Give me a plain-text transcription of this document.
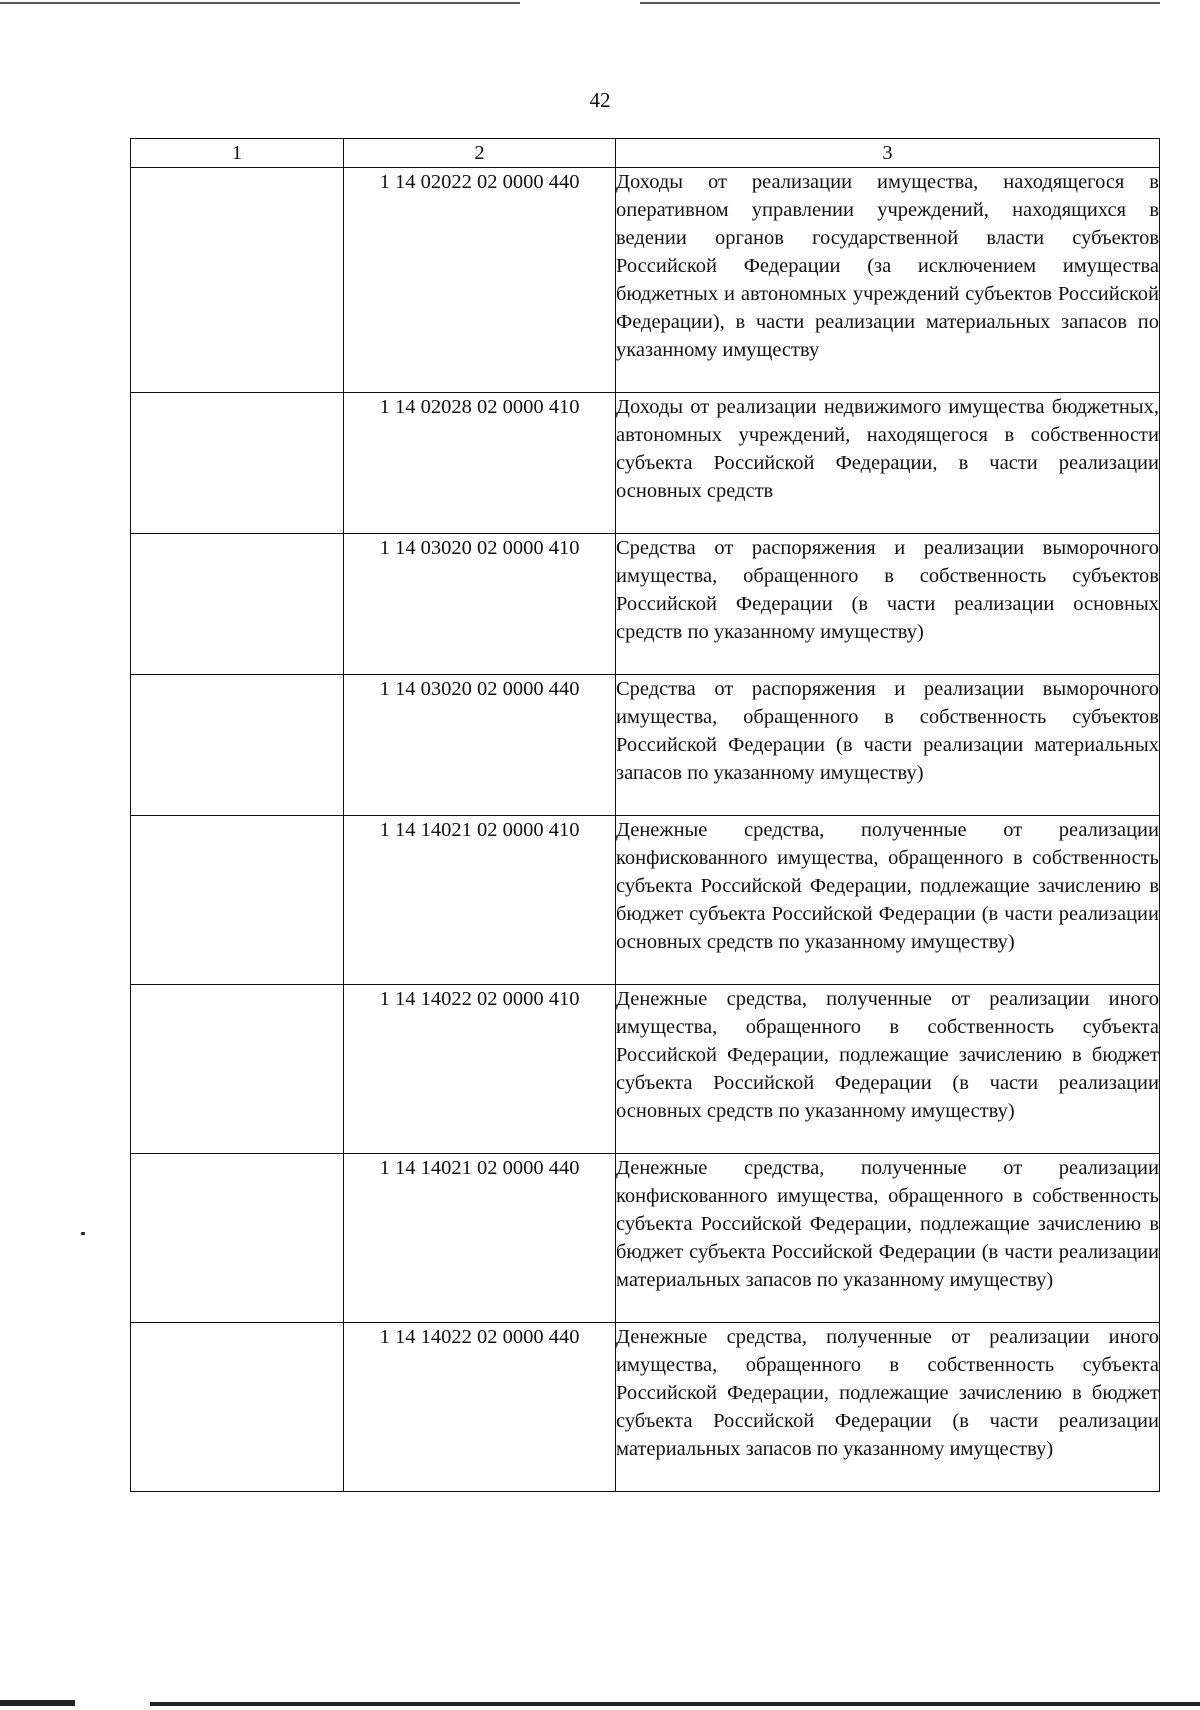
42
1	2	3
	1 14 02022 02 0000 440	Доходы от реализации имущества, находящегося в оперативном управлении учреждений, находящихся в ведении органов государственной власти субъектов Российской Федерации (за исключением имущества бюджетных и автономных учреждений субъектов Российской Федерации), в части реализации материальных запасов по указанному имуществу
	1 14 02028 02 0000 410	Доходы от реализации недвижимого имущества бюджетных, автономных учреждений, находящегося в собственности субъекта Российской Федерации, в части реализации основных средств
	1 14 03020 02 0000 410	Средства от распоряжения и реализации выморочного имущества, обращенного в собственность субъектов Российской Федерации (в части реализации основных средств по указанному имуществу)
	1 14 03020 02 0000 440	Средства от распоряжения и реализации выморочного имущества, обращенного в собственность субъектов Российской Федерации (в части реализации материальных запасов по указанному имуществу)
	1 14 14021 02 0000 410	Денежные средства, полученные от реализации конфискованного имущества, обращенного в собственность субъекта Российской Федерации, подлежащие зачислению в бюджет субъекта Российской Федерации (в части реализации основных средств по указанному имуществу)
	1 14 14022 02 0000 410	Денежные средства, полученные от реализации иного имущества, обращенного в собственность субъекта Российской Федерации, подлежащие зачислению в бюджет субъекта Российской Федерации (в части реализации основных средств по указанному имуществу)
	1 14 14021 02 0000 440	Денежные средства, полученные от реализации конфискованного имущества, обращенного в собственность субъекта Российской Федерации, подлежащие зачислению в бюджет субъекта Российской Федерации (в части реализации материальных запасов по указанному имуществу)
	1 14 14022 02 0000 440	Денежные средства, полученные от реализации иного имущества, обращенного в собственность субъекта Российской Федерации, подлежащие зачислению в бюджет субъекта Российской Федерации (в части реализации материальных запасов по указанному имуществу)
